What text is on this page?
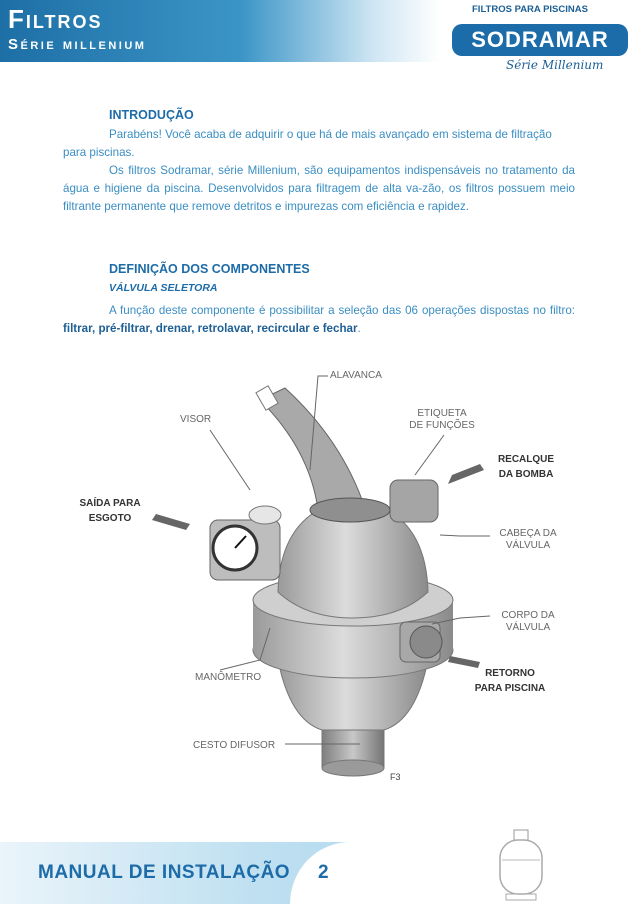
Filtros
Série millenium
FILTROS PARA PISCINAS
SODRAMAR
Série Millenium
INTRODUÇÃO

Parabéns! Você acaba de adquirir o que há de mais avançado em sistema de filtração para piscinas.

Os filtros Sodramar, série Millenium, são equipamentos indispensáveis no tratamento da água e higiene da piscina. Desenvolvidos para filtragem de alta va-zão, os filtros possuem meio filtrante permanente que remove detritos e impurezas com eficiência e rapidez.

DEFINIÇÃO DOS COMPONENTES
VÁLVULA SELETORA

A função deste componente é possibilitar a seleção das 06 operações dispostas no filtro: filtrar, pré-filtrar, drenar, retrolavar, recircular e fechar.

ALAVANCA
VISOR
ETIQUETA
DE FUNÇÕES
RECALQUE
DA BOMBA
SAÍDA PARA
ESGOTO
CABEÇA DA
VÁLVULA
CORPO DA
VÁLVULA
MANÔMETRO	RETORNO
PARA PISCINA
CESTO DIFUSOR
F3
MANUAL DE INSTALAÇÃO 2
